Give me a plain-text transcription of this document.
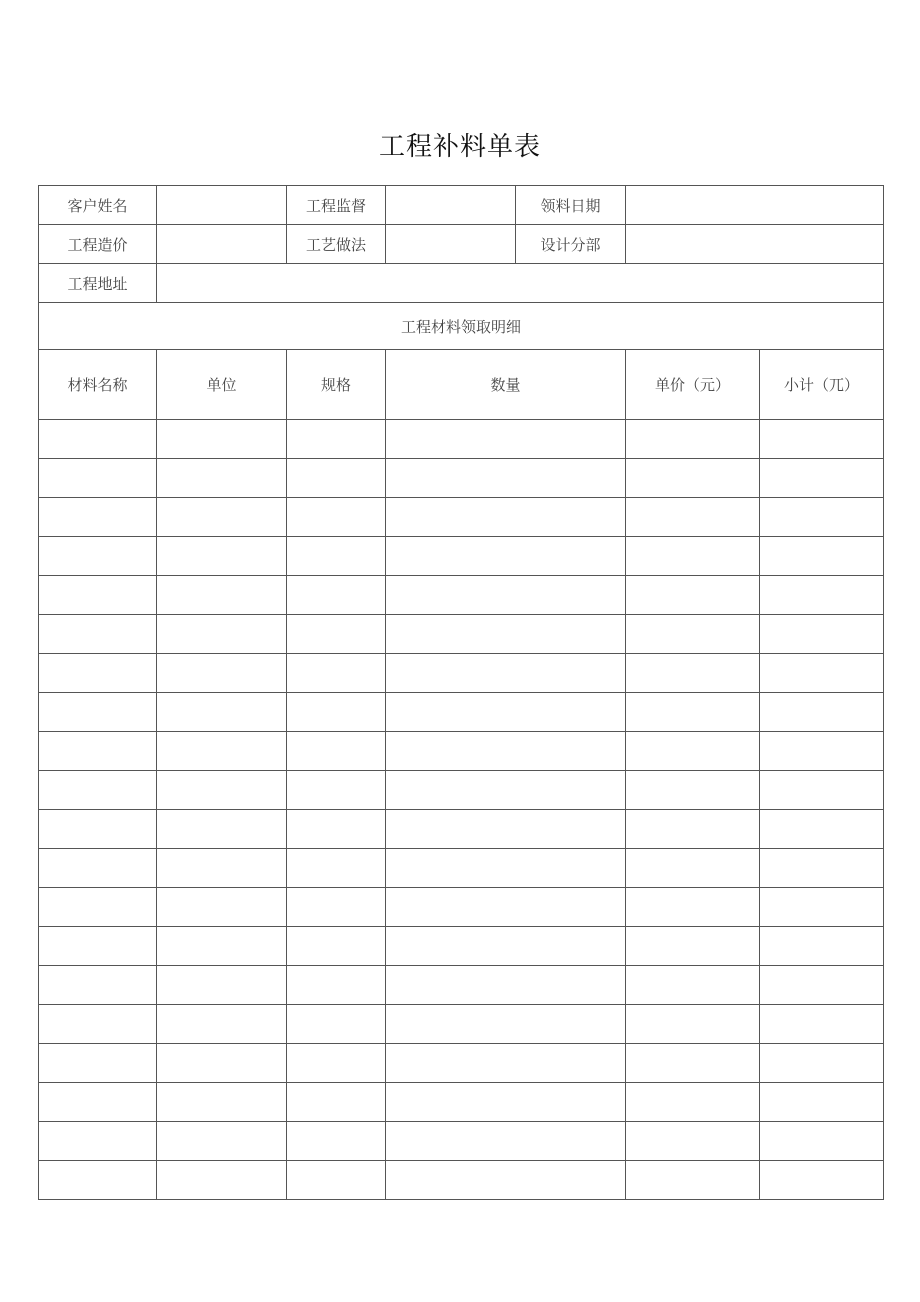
工程补料单表
客户姓名		工程监督		领料日期		
工程造价		工艺做法		设计分部		
工程地址						
工程材料领取明细						
材料名称	单位	规格	数量		单价（元）	小计（兀）
